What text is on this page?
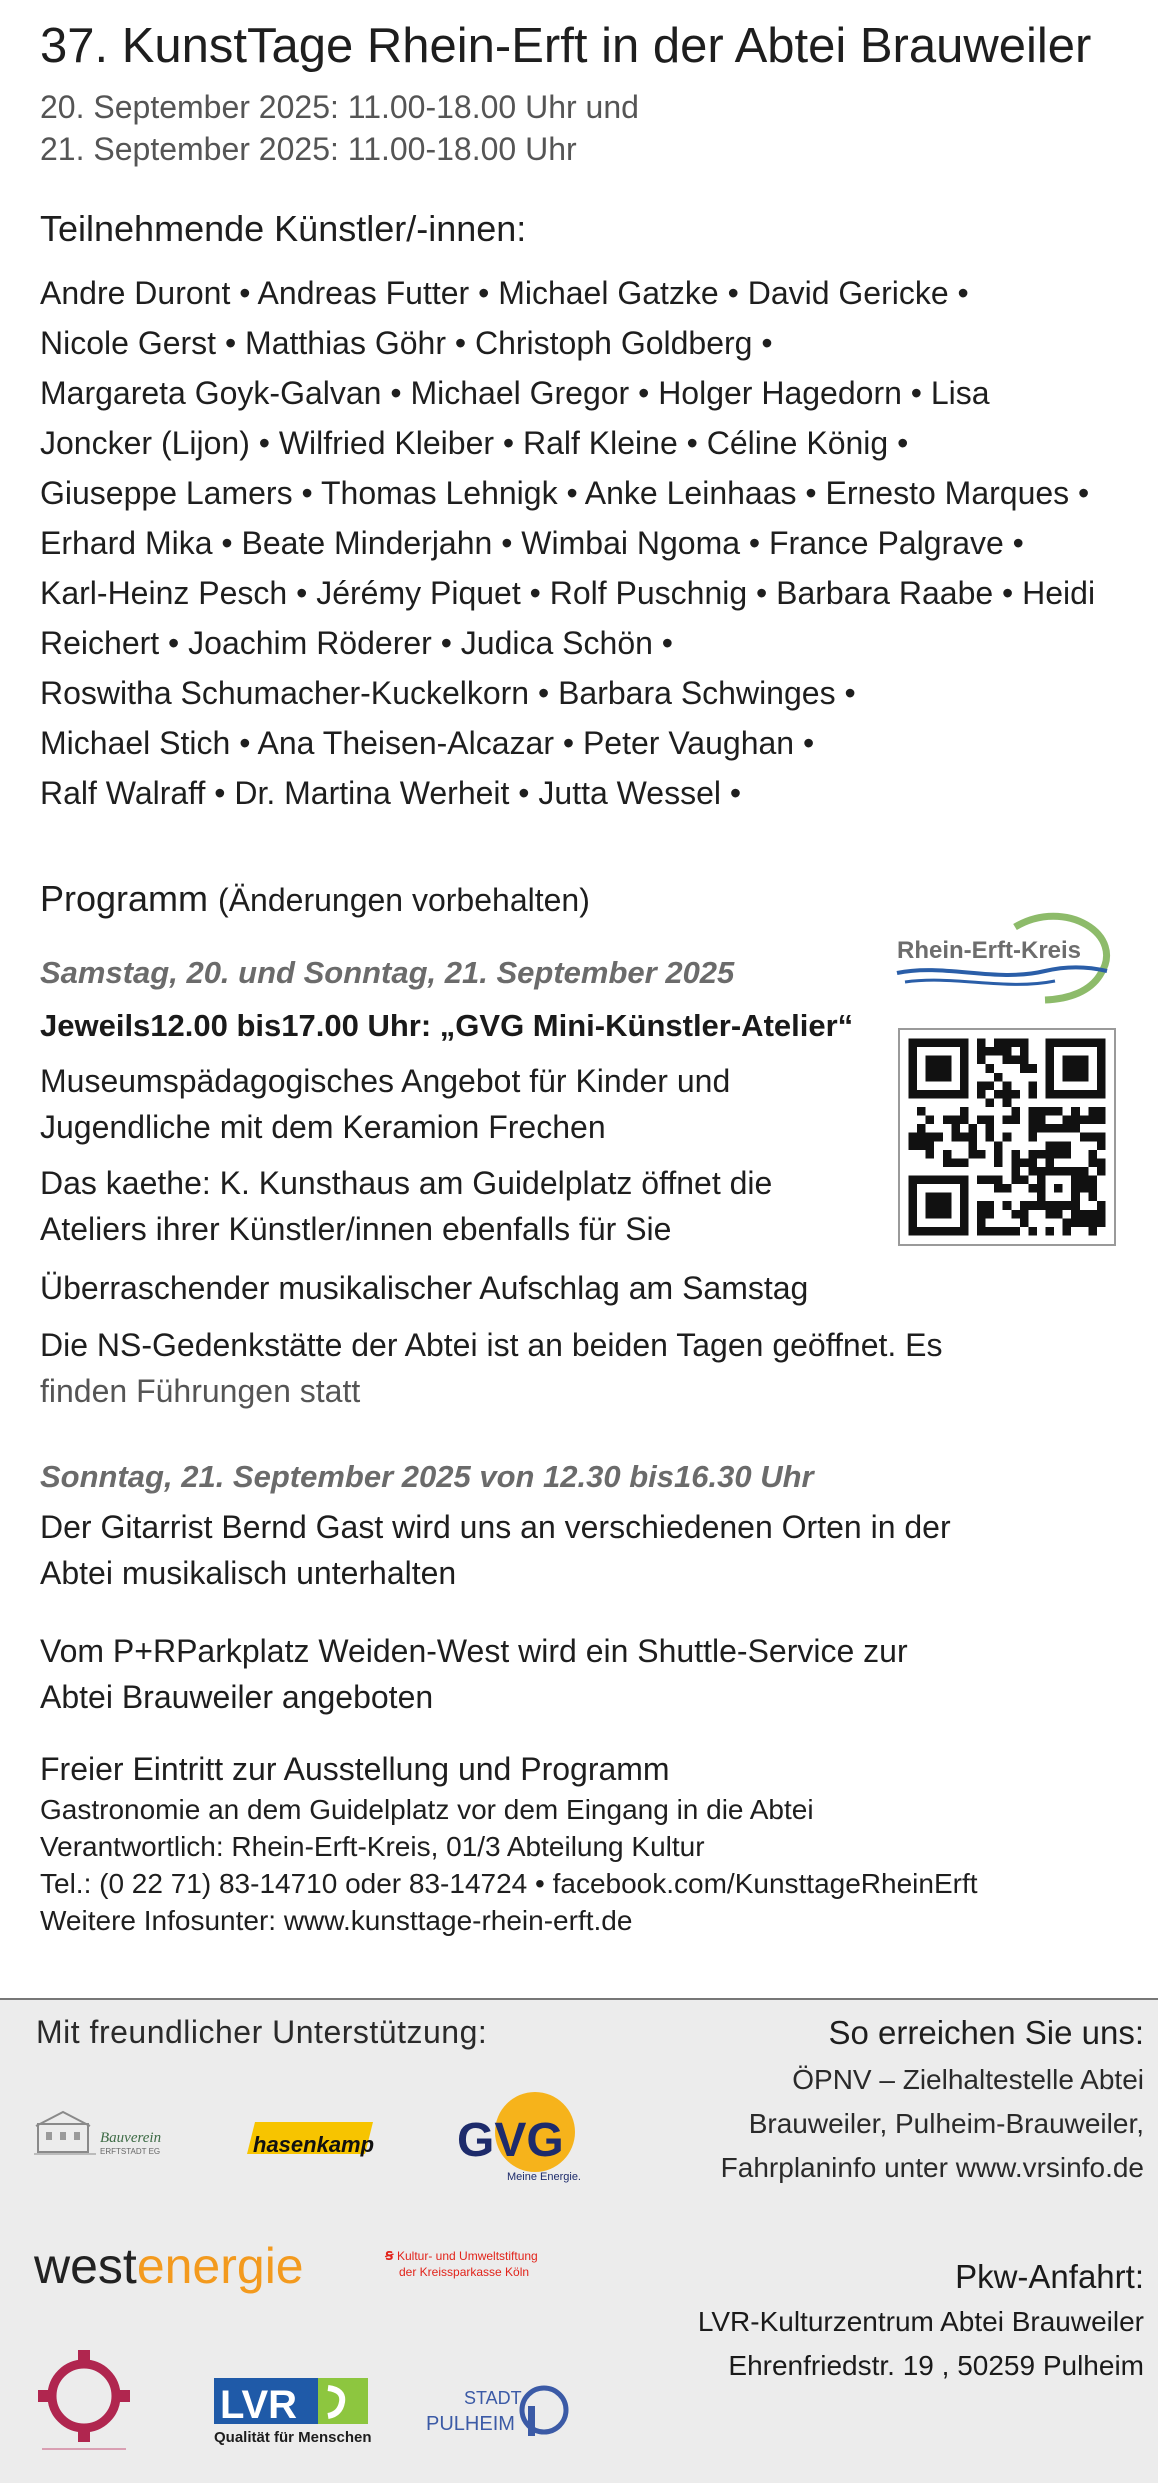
37. KunstTage Rhein-Erft in der Abtei Brauweiler
20. September 2025: 11.00-18.00 Uhr und
21. September 2025: 11.00-18.00 Uhr
Teilnehmende Künstler/-innen:
Andre Duront • Andreas Futter • Michael Gatzke • David Gericke •
Nicole Gerst • Matthias Göhr • Christoph Goldberg •
Margareta Goyk-Galvan • Michael Gregor • Holger Hagedorn • Lisa
Joncker (Lijon) • Wilfried Kleiber • Ralf Kleine • Céline König •
Giuseppe Lamers • Thomas Lehnigk • Anke Leinhaas • Ernesto Marques •
Erhard Mika • Beate Minderjahn • Wimbai Ngoma • France Palgrave •
Karl-Heinz Pesch • Jérémy Piquet • Rolf Puschnig • Barbara Raabe • Heidi
Reichert • Joachim Röderer • Judica Schön •
Roswitha Schumacher-Kuckelkorn • Barbara Schwinges •
Michael Stich • Ana Theisen-Alcazar • Peter Vaughan •
Ralf Walraff • Dr. Martina Werheit • Jutta Wessel •
Programm (Änderungen vorbehalten)
Rhein-Erft-Kreis
Samstag, 20. und Sonntag, 21. September 2025
Jeweils12.00 bis17.00 Uhr: „GVG Mini-Künstler-Atelier“
Museumspädagogisches Angebot für Kinder und
Jugendliche mit dem Keramion Frechen
Das kaethe: K. Kunsthaus am Guidelplatz öffnet die
Ateliers ihrer Künstler/innen ebenfalls für Sie
Überraschender musikalischer Aufschlag am Samstag
Die NS-Gedenkstätte der Abtei ist an beiden Tagen geöffnet. Es
finden Führungen statt
Sonntag, 21. September 2025 von 12.30 bis16.30 Uhr
Der Gitarrist Bernd Gast wird uns an verschiedenen Orten in der
Abtei musikalisch unterhalten
Vom P+RParkplatz Weiden-West wird ein Shuttle-Service zur
Abtei Brauweiler angeboten
Freier Eintritt zur Ausstellung und Programm
Gastronomie an dem Guidelplatz vor dem Eingang in die Abtei
Verantwortlich: Rhein-Erft-Kreis, 01/3 Abteilung Kultur
Tel.: (0 22 71) 83-14710 oder 83-14724 • facebook.com/KunsttageRheinErft
Weitere Infosunter: www.kunsttage-rhein-erft.de
Mit freundlicher Unterstützung:	So erreichen Sie uns:
ÖPNV – Zielhaltestelle Abtei
Brauweiler, Pulheim-Brauweiler,
Fahrplaninfo unter www.vrsinfo.de
Pkw-Anfahrt:
LVR-Kulturzentrum Abtei Brauweiler
Ehrenfriedstr. 19 , 50259 Pulheim
Bauverein
ERFTSTADT EG	hasenkamp GVG
Meine Energie.
westenergie	Ꞩ Kultur- und Umweltstiftung
der Kreissparkasse Köln
LVR
Qualität für Menschen
STADT
PULHEIM
